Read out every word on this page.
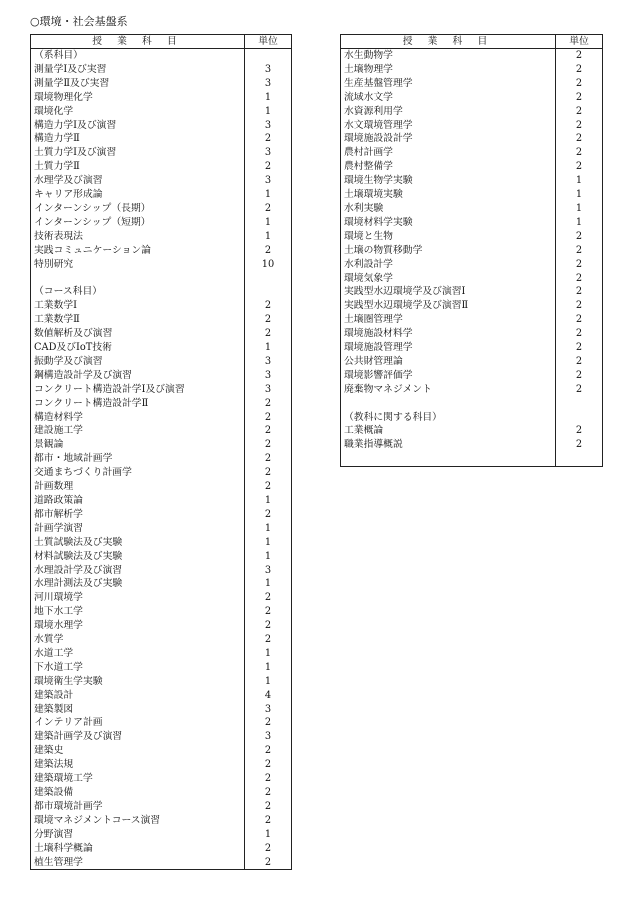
○環境・社会基盤系
授 業 科 目	単位
（系科目）	
測量学Ⅰ及び実習	3
測量学Ⅱ及び実習	3
環境物理化学	1
環境化学	1
構造力学Ⅰ及び演習	3
構造力学Ⅱ	2
土質力学Ⅰ及び演習	3
土質力学Ⅱ	2
水理学及び演習	3
キャリア形成論	1
インターンシップ（長期）	2
インターンシップ（短期）	1
技術表現法	1
実践コミュニケーション論	2
特別研究	10

（コース科目）	
工業数学Ⅰ	2
工業数学Ⅱ	2
数値解析及び演習	2
CAD及びIoT技術	1
振動学及び演習	3
鋼構造設計学及び演習	3
コンクリート構造設計学Ⅰ及び演習	3
コンクリート構造設計学Ⅱ	2
構造材料学	2
建設施工学	2
景観論	2
都市・地域計画学	2
交通まちづくり計画学	2
計画数理	2
道路政策論	1
都市解析学	2
計画学演習	1
土質試験法及び実験	1
材料試験法及び実験	1
水理設計学及び演習	3
水理計測法及び実験	1
河川環境学	2
地下水工学	2
環境水理学	2
水質学	2
水道工学	1
下水道工学	1
環境衛生学実験	1
建築設計	4
建築製図	3
インテリア計画	2
建築計画学及び演習	3
建築史	2
建築法規	2
建築環境工学	2
建築設備	2
都市環境計画学	2
環境マネジメントコース演習	2
分野演習	1
土壌科学概論	2
植生管理学	2
授 業 科 目	単位
水生動物学	2
土壌物理学	2
生産基盤管理学	2
流域水文学	2
水資源利用学	2
水文環境管理学	2
環境施設設計学	2
農村計画学	2
農村整備学	2
環境生物学実験	1
土壌環境実験	1
水利実験	1
環境材料学実験	1
環境と生物	2
土壌の物質移動学	2
水利設計学	2
環境気象学	2
実践型水辺環境学及び演習Ⅰ	2
実践型水辺環境学及び演習Ⅱ	2
土壌圏管理学	2
環境施設材料学	2
環境施設管理学	2
公共財管理論	2
環境影響評価学	2
廃棄物マネジメント	2

（教科に関する科目）	
工業概論	2
職業指導概説	2
